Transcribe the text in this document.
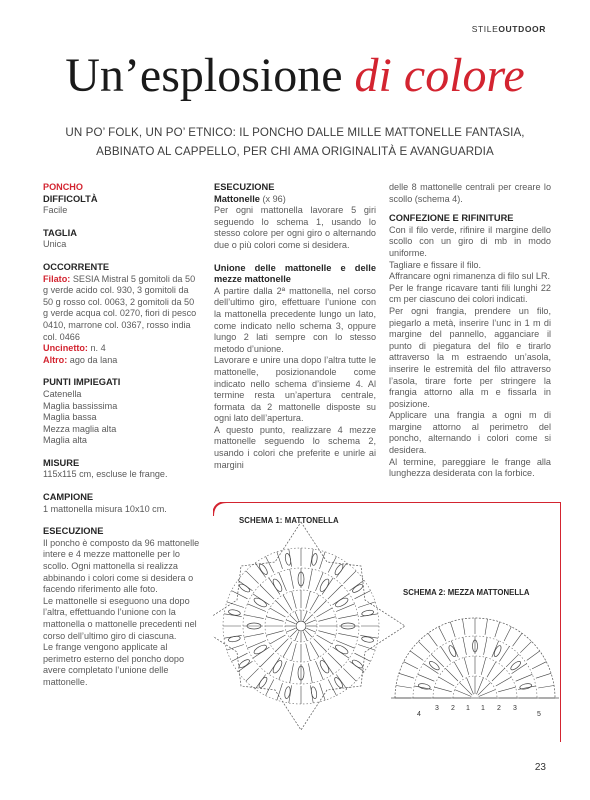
STILEOUTDOOR
Un’esplosione di colore
UN PO’ FOLK, UN PO’ ETNICO: IL PONCHO DALLE MILLE MATTONELLE FANTASIA,
ABBINATO AL CAPPELLO, PER CHI AMA ORIGINALITÀ E AVANGUARDIA
PONCHO
DIFFICOLTÀ
Facile
TAGLIA
Unica
OCCORRENTE
Filato: SESIA Mistral 5 gomitoli da 50 g verde acido col. 930, 3 gomitoli da 50 g rosso col. 0063, 2 gomitoli da 50 g verde acqua col. 0270, fiori di pesco 0410, marrone col. 0367, rosso india col. 0466
Uncinetto: n. 4
Altro: ago da lana
PUNTI IMPIEGATI
Catenella
Maglia bassissima
Maglia bassa
Mezza maglia alta
Maglia alta
MISURE
115x115 cm, escluse le frange.
CAMPIONE
1 mattonella misura 10x10 cm.
ESECUZIONE
Il poncho è composto da 96 mattonelle intere e 4 mezze mattonelle per lo scollo. Ogni mattonella si realizza abbinando i colori come si desidera o facendo riferimento alle foto.
Le mattonelle si eseguono una dopo l’altra, effettuando l’unione con la mattonella o mattonelle precedenti nel corso dell’ultimo giro di ciascuna.
Le frange vengono applicate al perimetro esterno del poncho dopo avere completato l’unione delle mattonelle.
ESECUZIONE
Mattonelle (x 96)
Per ogni mattonella lavorare 5 giri seguendo lo schema 1, usando lo stesso colore per ogni giro o alternando due o più colori come si desidera.
Unione delle mattonelle e delle mezze mattonelle
A partire dalla 2ª mattonella, nel corso dell’ultimo giro, effettuare l’unione con la mattonella precedente lungo un lato, come indicato nello schema 3, oppure lungo 2 lati sempre con lo stesso metodo d’unione.
Lavorare e unire una dopo l’altra tutte le mattonelle, posizionandole come indicato nello schema d’insieme 4. Al termine resta un’apertura centrale, formata da 2 mattonelle disposte su ogni lato dell’apertura.
A questo punto, realizzare 4 mezze mattonelle seguendo lo schema 2, usando i colori che preferite e unirle ai margini
delle 8 mattonelle centrali per creare lo scollo (schema 4).
CONFEZIONE E RIFINITURE
Con il filo verde, rifinire il margine dello scollo con un giro di mb in modo uniforme.
Tagliare e fissare il filo.
Affrancare ogni rimanenza di filo sul LR.
Per le frange ricavare tanti fili lunghi 22 cm per ciascuno dei colori indicati.
Per ogni frangia, prendere un filo, piegarlo a metà, inserire l’unc in 1 m di margine del pannello, agganciare il punto di piegatura del filo e tirarlo attraverso la m estraendo un’asola, inserire le estremità del filo attraverso l’asola, tirare forte per stringere la frangia attorno alla m e fissarla in posizione.
Applicare una frangia a ogni m di margine attorno al perimetro del poncho, alternando i colori come si desidera.
Al termine, pareggiare le frange alla lunghezza desiderata con la forbice.
SCHEMA 1: MATTONELLA
SCHEMA 2: MEZZA MATTONELLA
4
3 2 1 1 2 3
5
23
